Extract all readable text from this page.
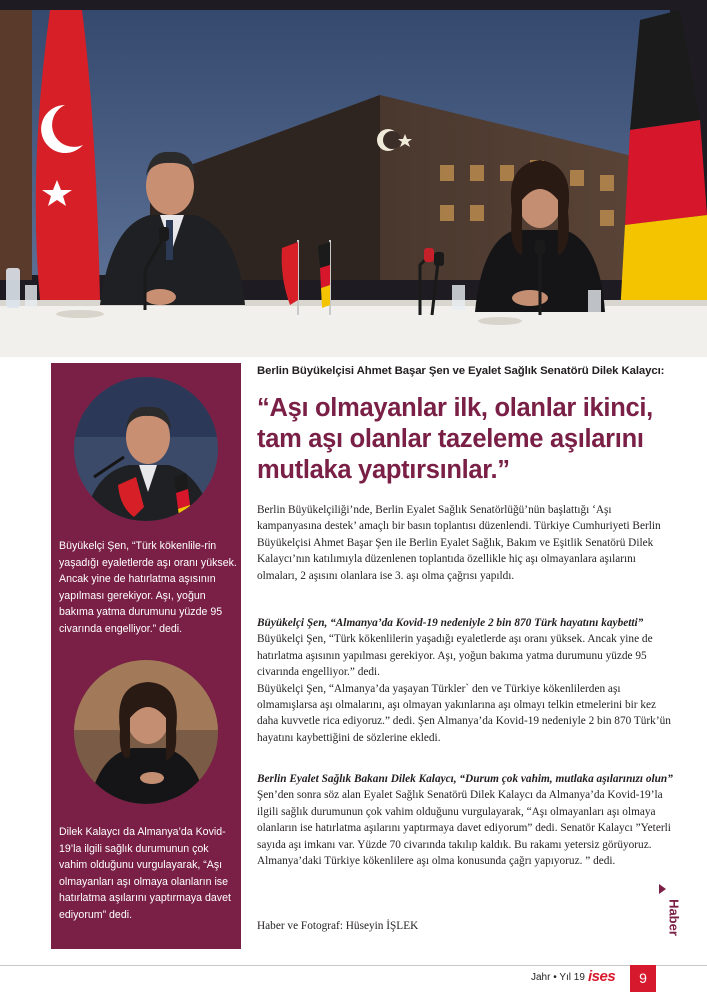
Büyükelçi Şen, “Türk kökenlile-rin yaşadığı eyaletlerde aşı oranı yüksek. Ancak yine de hatırlatma aşısının yapılması gerekiyor. Aşı, yoğun bakıma yatma durumunu yüzde 95 civarında engelliyor.” dedi.

Dilek Kalaycı da Almanya’da Kovid-19’la ilgili sağlık durumunun çok vahim olduğunu vurgulayarak, “Aşı olmayanları aşı olmaya olanların ise hatırlatma aşılarını yaptırmaya davet ediyorum” dedi.

Berlin Büyükelçisi Ahmet Başar Şen ve Eyalet Sağlık Senatörü Dilek Kalaycı:
“Aşı olmayanlar ilk, olanlar ikinci, tam aşı olanlar tazeleme aşılarını mutlaka yaptırsınlar.”

Berlin Büyükelçiliği’nde, Berlin Eyalet Sağlık Senatörlüğü’nün başlattığı ‘Aşı kampanyasına destek’ amaçlı bir basın toplantısı düzenlendi. Türkiye Cumhuriyeti Berlin Büyükelçisi Ahmet Başar Şen ile Berlin Eyalet Sağlık, Bakım ve Eşitlik Senatörü Dilek Kalaycı’nın katılımıyla düzenlenen toplantıda özellikle hiç aşı olmayanlara aşılarını olmaları, 2 aşısını olanlara ise 3. aşı olma çağrısı yapıldı.

Büyükelçi Şen, “Almanya’da Kovid-19 nedeniyle 2 bin 870 Türk hayatını kaybetti”

Büyükelçi Şen, “Türk kökenlilerin yaşadığı eyaletlerde aşı oranı yüksek. Ancak yine de hatırlatma aşısının yapılması gerekiyor. Aşı, yoğun bakıma yatma durumunu yüzde 95 civarında engelliyor.” dedi.

Büyükelçi Şen, “Almanya’da yaşayan Türkler` den ve Türkiye kökenlilerden aşı olmamışlarsa aşı olmalarını, aşı olmayan yakınlarına aşı olmayı telkin etmelerini bir kez daha kuvvetle rica ediyoruz.” dedi. Şen Almanya’da Kovid-19 nedeniyle 2 bin 870 Türk’ün hayatını kaybettiğini de sözlerine ekledi.

Berlin Eyalet Sağlık Bakanı Dilek Kalaycı, “Durum çok vahim, mutlaka aşılarınızı olun”

Şen’den sonra söz alan Eyalet Sağlık Senatörü Dilek Kalaycı da Almanya’da Kovid-19’la ilgili sağlık durumunun çok vahim olduğunu vurgulayarak, “Aşı olmayanları aşı olmaya olanların ise hatırlatma aşılarını yaptırmaya davet ediyorum” dedi. Senatör Kalaycı ”Yeterli sayıda aşı imkanı var. Yüzde 70 civarında takılıp kaldık. Bu rakamı yetersiz görüyoruz. Almanya’daki Türkiye kökenlilere aşı olma konusunda çağrı yapıyoruz. ” dedi.

Haber ve Fotograf: Hüseyin İŞLEK	Haber
Jahr • Yıl 19 ises	9
